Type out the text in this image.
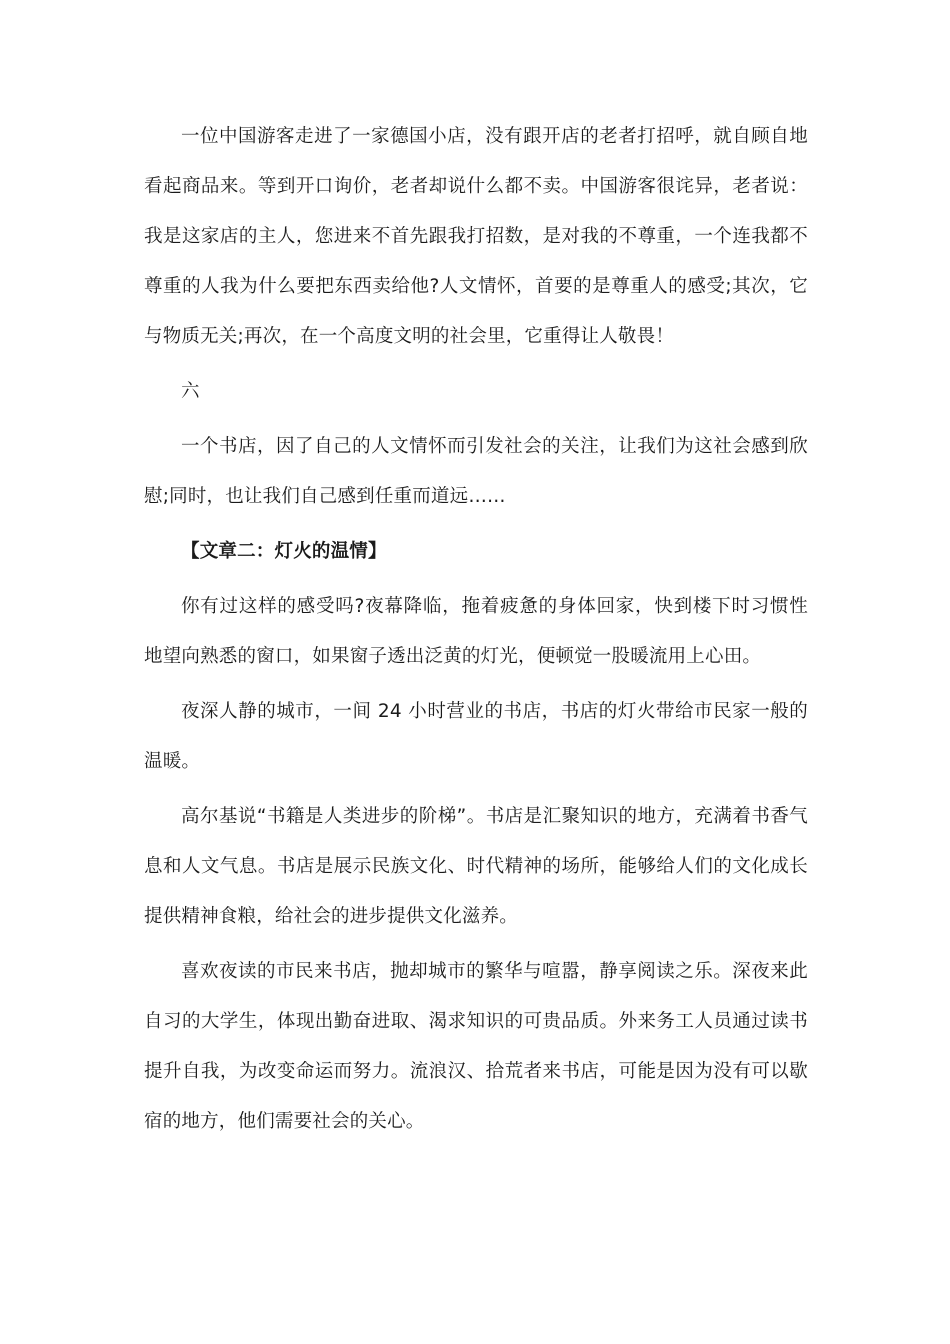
一位中国游客走进了一家德国小店，没有跟开店的老者打招呼，就自顾自地看起商品来。等到开口询价，老者却说什么都不卖。中国游客很诧异，老者说：我是这家店的主人，您进来不首先跟我打招数，是对我的不尊重，一个连我都不尊重的人我为什么要把东西卖给他?人文情怀，首要的是尊重人的感受;其次，它与物质无关;再次，在一个高度文明的社会里，它重得让人敬畏！

六

一个书店，因了自己的人文情怀而引发社会的关注，让我们为这社会感到欣慰;同时，也让我们自己感到任重而道远……

【文章二：灯火的温情】

你有过这样的感受吗?夜幕降临，拖着疲惫的身体回家，快到楼下时习惯性地望向熟悉的窗口，如果窗子透出泛黄的灯光，便顿觉一股暖流用上心田。

夜深人静的城市，一间 24 小时营业的书店，书店的灯火带给市民家一般的温暖。

高尔基说“书籍是人类进步的阶梯”。书店是汇聚知识的地方，充满着书香气息和人文气息。书店是展示民族文化、时代精神的场所，能够给人们的文化成长提供精神食粮，给社会的进步提供文化滋养。

喜欢夜读的市民来书店，抛却城市的繁华与喧嚣，静享阅读之乐。深夜来此自习的大学生，体现出勤奋进取、渴求知识的可贵品质。外来务工人员通过读书提升自我，为改变命运而努力。流浪汉、拾荒者来书店，可能是因为没有可以歇宿的地方，他们需要社会的关心。
